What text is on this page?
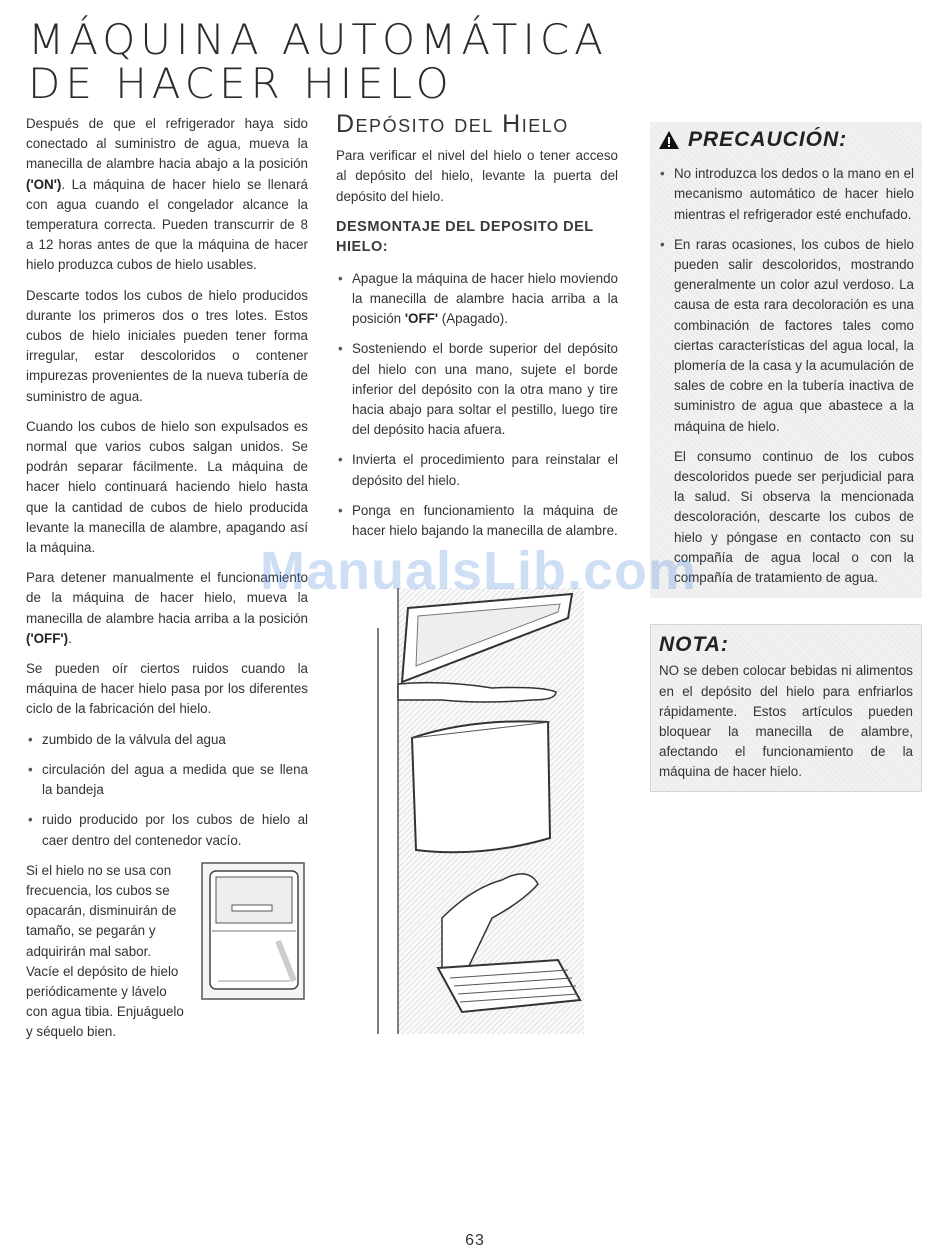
MÁQUINA AUTOMÁTICA
DE HACER HIELO

Después de que el refrigerador haya sido conectado al suministro de agua, mueva la manecilla de alambre hacia abajo a la posición ('ON'). La máquina de hacer hielo se llenará con agua cuando el congelador alcance la temperatura correcta. Pueden transcurrir de 8 a 12 horas antes de que la máquina de hacer hielo produzca cubos de hielo usables.

Descarte todos los cubos de hielo producidos durante los primeros dos o tres lotes. Estos cubos de hielo iniciales pueden tener forma irregular, estar descoloridos o contener impurezas provenientes de la nueva tubería de suministro de agua.

Cuando los cubos de hielo son expulsados es normal que varios cubos salgan unidos. Se podrán separar fácilmente. La máquina de hacer hielo continuará haciendo hielo hasta que la cantidad de cubos de hielo producida levante la manecilla de alambre, apagando así la máquina.

Para detener manualmente el funcionamiento de la máquina de hacer hielo, mueva la manecilla de alambre hacia arriba a la posición ('OFF').

Se pueden oír ciertos ruidos cuando la máquina de hacer hielo pasa por los diferentes ciclo de la fabricación del hielo.

• zumbido de la válvula del agua
• circulación del agua a medida que se llena la bandeja
• ruido producido por los cubos de hielo al caer dentro del contenedor vacío.

Si el hielo no se usa con frecuencia, los cubos se opacarán, disminuirán de tamaño, se pegarán y adquirirán mal sabor. Vacíe el depósito de hielo periódicamente y lávelo con agua tibia. Enjuáguelo y séquelo bien.

Depósito del Hielo

Para verificar el nivel del hielo o tener acceso al depósito del hielo, levante la puerta del depósito del hielo.

DESMONTAJE DEL DEPOSITO DEL HIELO:
• Apague la máquina de hacer hielo moviendo la manecilla de alambre hacia arriba a la posición 'OFF' (Apagado).
• Sosteniendo el borde superior del depósito del hielo con una mano, sujete el borde inferior del depósito con la otra mano y tire hacia abajo para soltar el pestillo, luego tire del depósito hacia afuera.
• Invierta el procedimiento para reinstalar el depósito del hielo.
• Ponga en funcionamiento la máquina de hacer hielo bajando la manecilla de alambre.
PRECAUCIÓN:
• No introduzca los dedos o la mano en el mecanismo automático de hacer hielo mientras el refrigerador esté enchufado.
• En raras ocasiones, los cubos de hielo pueden salir descoloridos, mostrando generalmente un color azul verdoso. La causa de esta rara decoloración es una combinación de factores tales como ciertas características del agua local, la plomería de la casa y la acumulación de sales de cobre en la tubería inactiva de suministro de agua que abastece a la máquina de hielo.

El consumo continuo de los cubos descoloridos puede ser perjudicial para la salud. Si observa la mencionada descoloración, descarte los cubos de hielo y póngase en contacto con su compañía de agua local o con la compañía de tratamiento de agua.

NOTA:

NO se deben colocar bebidas ni alimentos en el depósito del hielo para enfriarlos rápidamente. Estos artículos pueden bloquear la manecilla de alambre, afectando el funcionamiento de la máquina de hacer hielo.

ManualsLib.com
63
